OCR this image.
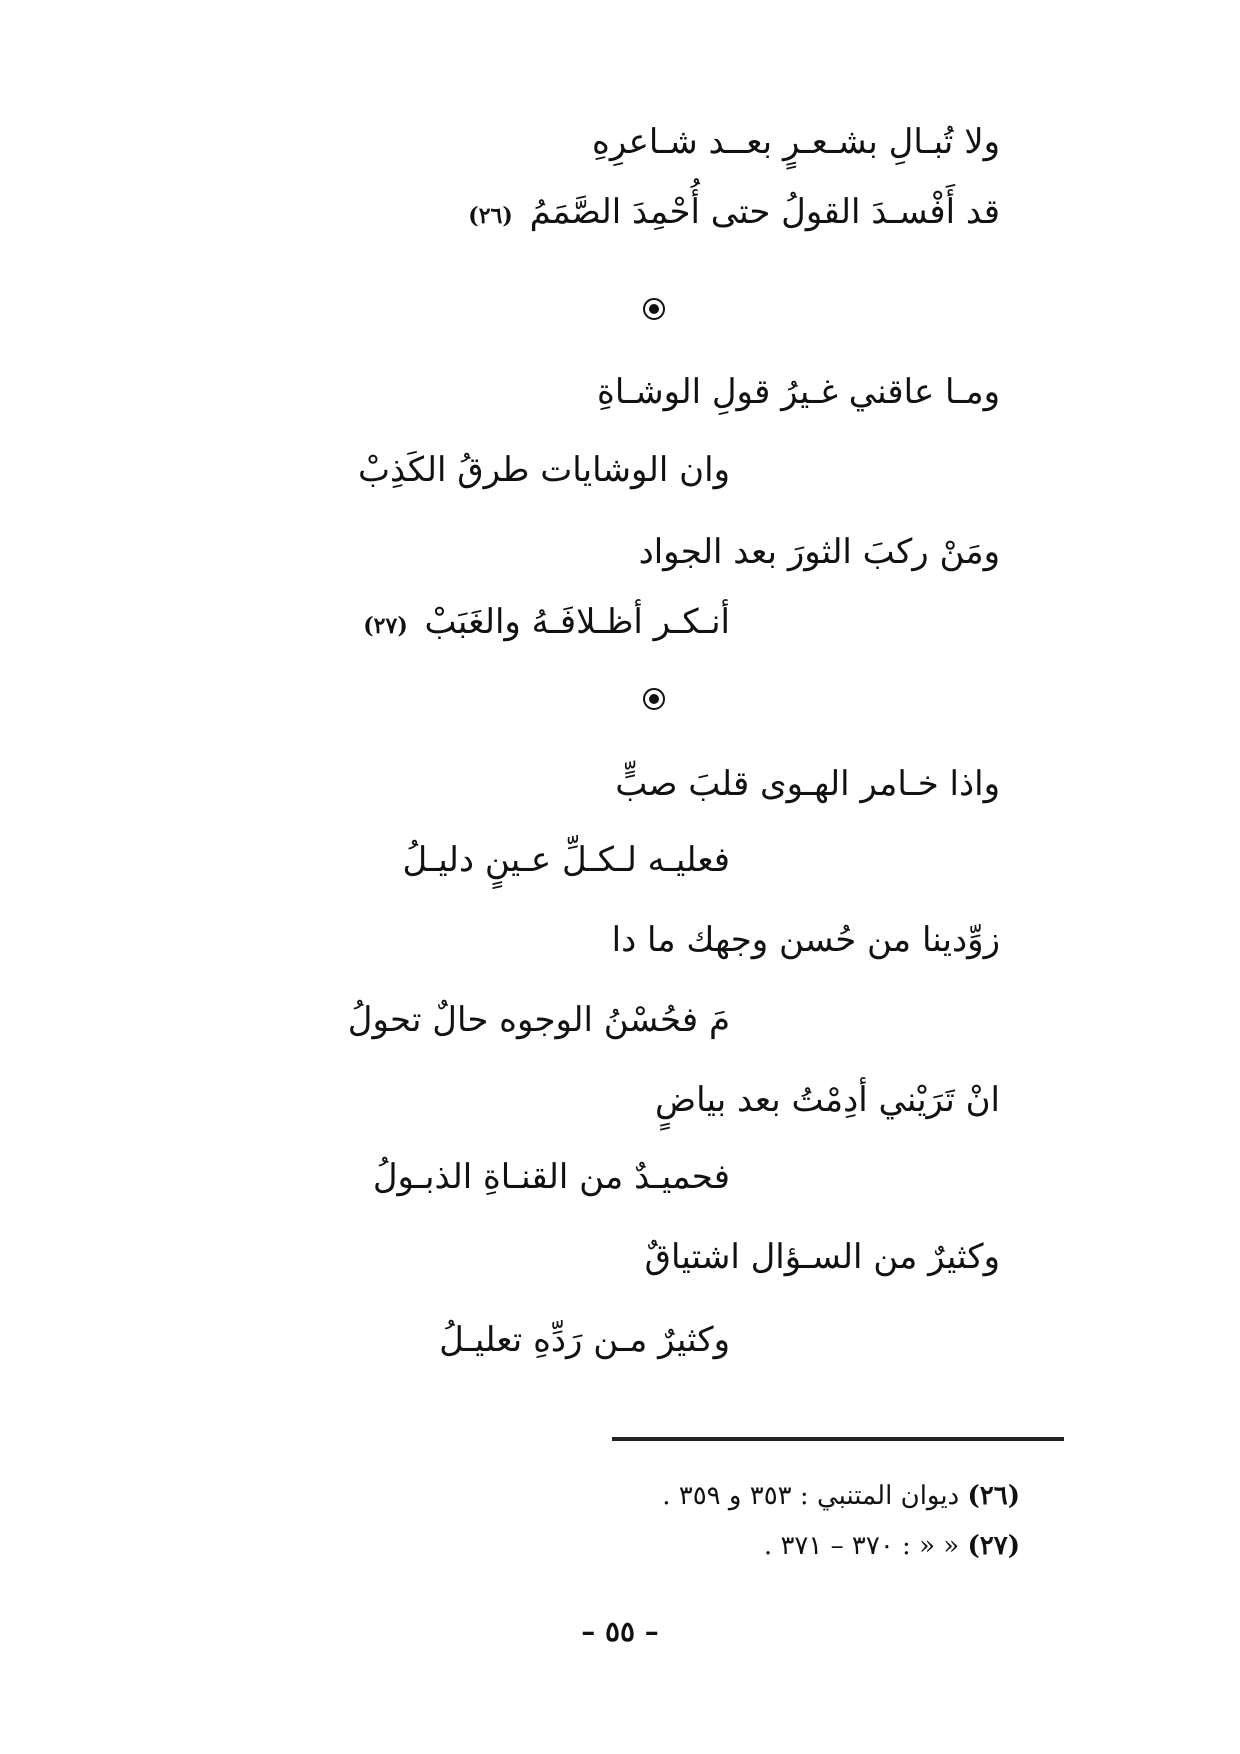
ولا تُبـالِ بشـعـرٍ بعــد شـاعرِهِ
قد أَفْسـدَ القولُ حتى أُحْمِدَ الصَّمَمُ (٢٦)
ومـا عاقني غـيرُ قولِ الوشـاةِ
وان الوشايات طرقُ الكَذِبْ
ومَنْ ركبَ الثورَ بعد الجواد
أنـكـر أظـلافَـهُ والغَبَبْ (٢٧)
واذا خـامر الهـوى قلبَ صبٍّ
فعليـه لـكـلِّ عـينٍ دليـلُ
زوِّدينا من حُسن وجهك ما دا
مَ فحُسْنُ الوجوه حالٌ تحولُ
انْ تَرَيْني أدِمْتُ بعد بياضٍ
فحميـدٌ من القنـاةِ الذبـولُ
وكثيرٌ من السـؤال اشتياقٌ
وكثيرٌ مـن رَدِّهِ تعليـلُ
(٢٦) ديوان المتنبي : ٣٥٣ و ٣٥٩ .
(٢٧) « « : ٣٧٠ – ٣٧١ .
– ٥٥ –
